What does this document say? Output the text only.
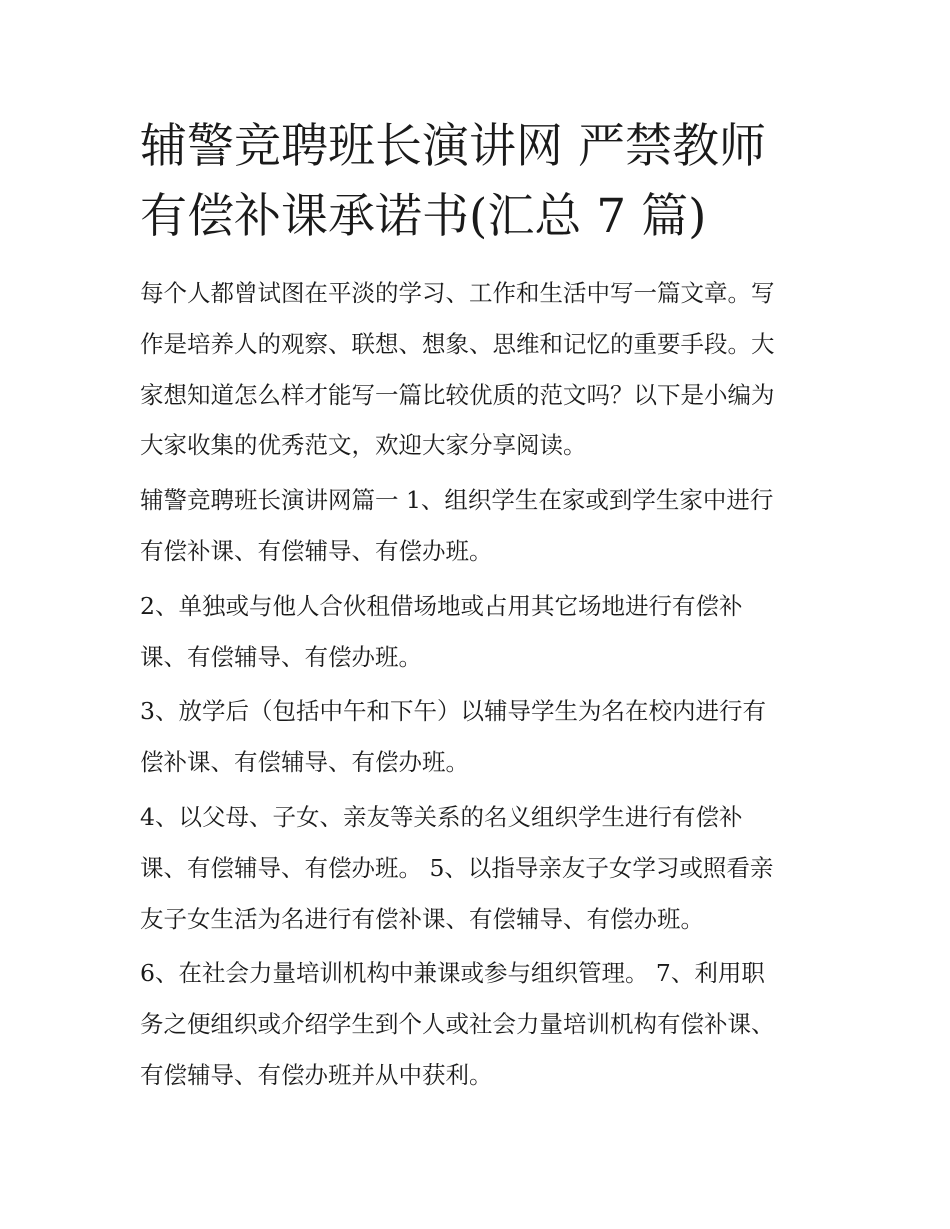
辅警竞聘班长演讲网 严禁教师
有偿补课承诺书(汇总 7 篇)

每个人都曾试图在平淡的学习、工作和生活中写一篇文章。写
作是培养人的观察、联想、想象、思维和记忆的重要手段。大
家想知道怎么样才能写一篇比较优质的范文吗？以下是小编为
大家收集的优秀范文，欢迎大家分享阅读。

辅警竞聘班长演讲网篇一 1、组织学生在家或到学生家中进行
有偿补课、有偿辅导、有偿办班。

2、单独或与他人合伙租借场地或占用其它场地进行有偿补
课、有偿辅导、有偿办班。

3、放学后（包括中午和下午）以辅导学生为名在校内进行有
偿补课、有偿辅导、有偿办班。

4、以父母、子女、亲友等关系的名义组织学生进行有偿补
课、有偿辅导、有偿办班。 5、以指导亲友子女学习或照看亲
友子女生活为名进行有偿补课、有偿辅导、有偿办班。

6、在社会力量培训机构中兼课或参与组织管理。 7、利用职
务之便组织或介绍学生到个人或社会力量培训机构有偿补课、
有偿辅导、有偿办班并从中获利。
